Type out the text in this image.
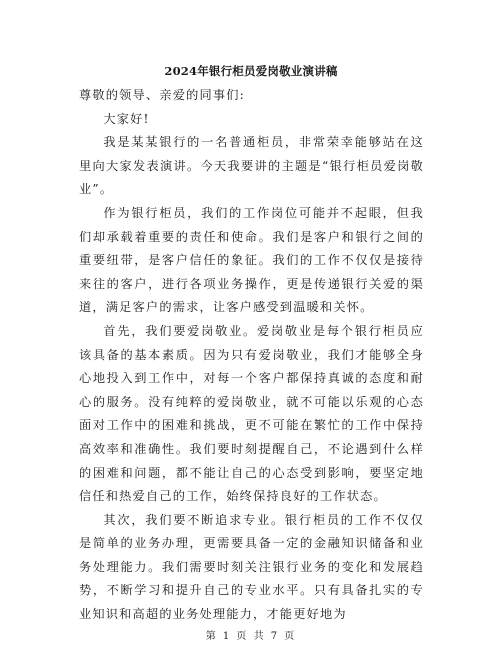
2024年银行柜员爱岗敬业演讲稿

尊敬的领导、亲爱的同事们:

大家好!

我是某某银行的一名普通柜员，非常荣幸能够站在这里向大家发表演讲。今天我要讲的主题是“银行柜员爱岗敬业”。

作为银行柜员，我们的工作岗位可能并不起眼，但我们却承载着重要的责任和使命。我们是客户和银行之间的重要纽带，是客户信任的象征。我们的工作不仅仅是接待来往的客户，进行各项业务操作，更是传递银行关爱的渠道，满足客户的需求，让客户感受到温暖和关怀。

首先，我们要爱岗敬业。爱岗敬业是每个银行柜员应该具备的基本素质。因为只有爱岗敬业，我们才能够全身心地投入到工作中，对每一个客户都保持真诚的态度和耐心的服务。没有纯粹的爱岗敬业，就不可能以乐观的心态面对工作中的困难和挑战，更不可能在繁忙的工作中保持高效率和准确性。我们要时刻提醒自己，不论遇到什么样的困难和问题，都不能让自己的心态受到影响，要坚定地信任和热爱自己的工作，始终保持良好的工作状态。

其次，我们要不断追求专业。银行柜员的工作不仅仅是简单的业务办理，更需要具备一定的金融知识储备和业务处理能力。我们需要时刻关注银行业务的变化和发展趋势，不断学习和提升自己的专业水平。只有具备扎实的专业知识和高超的业务处理能力，才能更好地为

第 1 页 共 7 页
